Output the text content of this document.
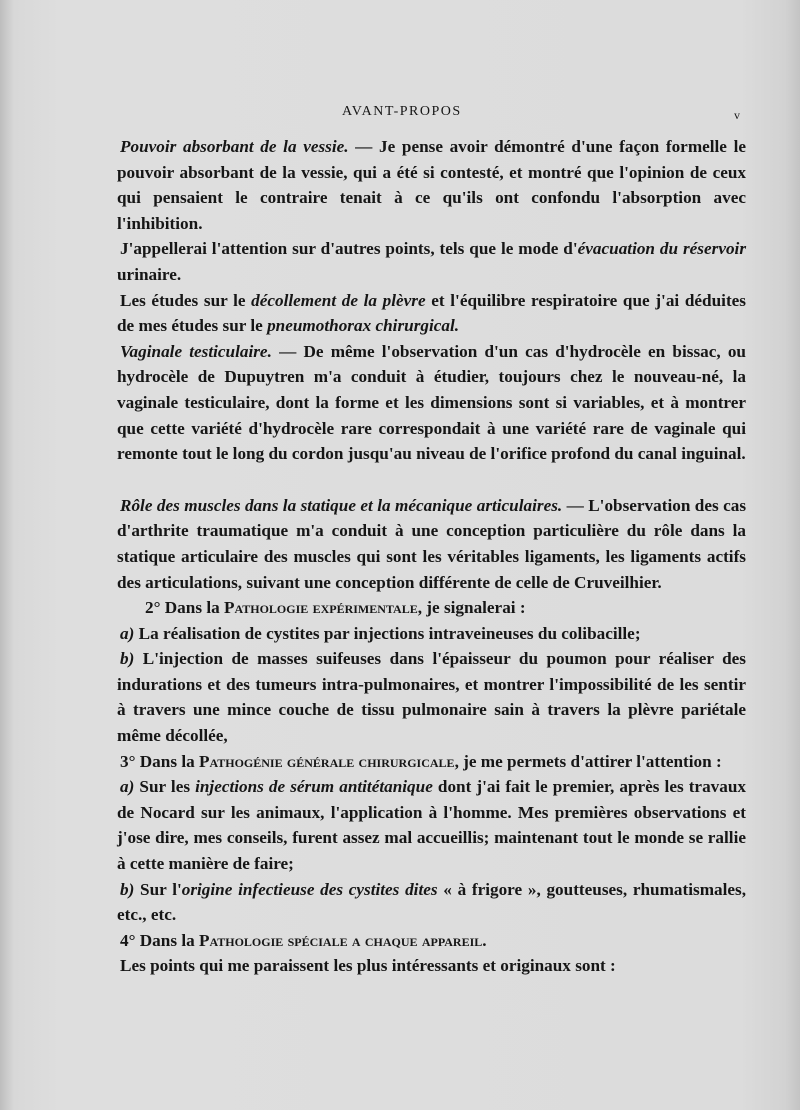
AVANT-PROPOS	v

Pouvoir absorbant de la vessie. — Je pense avoir démontré d'une façon formelle le pouvoir absorbant de la vessie, qui a été si contesté, et montré que l'opinion de ceux qui pensaient le contraire tenait à ce qu'ils ont confondu l'absorption avec l'inhibition.

J'appellerai l'attention sur d'autres points, tels que le mode d'évacuation du réservoir urinaire.

Les études sur le décollement de la plèvre et l'équilibre respiratoire que j'ai déduites de mes études sur le pneumothorax chirurgical.

Vaginale testiculaire. — De même l'observation d'un cas d'hydrocèle en bissac, ou hydrocèle de Dupuytren m'a conduit à étudier, toujours chez le nouveau-né, la vaginale testiculaire, dont la forme et les dimensions sont si variables, et à montrer que cette variété d'hydrocèle rare correspondait à une variété rare de vaginale qui remonte tout le long du cordon jusqu'au niveau de l'orifice profond du canal inguinal.

Rôle des muscles dans la statique et la mécanique articulaires. — L'observation des cas d'arthrite traumatique m'a conduit à une conception particulière du rôle dans la statique articulaire des muscles qui sont les véritables ligaments, les ligaments actifs des articulations, suivant une conception différente de celle de Cruveilhier.

2° Dans la Pathologie expérimentale, je signalerai :

a) La réalisation de cystites par injections intraveineuses du colibacille;

b) L'injection de masses suifeuses dans l'épaisseur du poumon pour réaliser des indurations et des tumeurs intra-pulmonaires, et montrer l'impossibilité de les sentir à travers une mince couche de tissu pulmonaire sain à travers la plèvre pariétale même décollée,

3° Dans la Pathogénie générale chirurgicale, je me permets d'attirer l'attention :

a) Sur les injections de sérum antitétanique dont j'ai fait le premier, après les travaux de Nocard sur les animaux, l'application à l'homme. Mes premières observations et j'ose dire, mes conseils, furent assez mal accueillis; maintenant tout le monde se rallie à cette manière de faire;

b) Sur l'origine infectieuse des cystites dites « à frigore », goutteuses, rhumatismales, etc., etc.

4° Dans la Pathologie spéciale a chaque appareil.

Les points qui me paraissent les plus intéressants et originaux sont :
